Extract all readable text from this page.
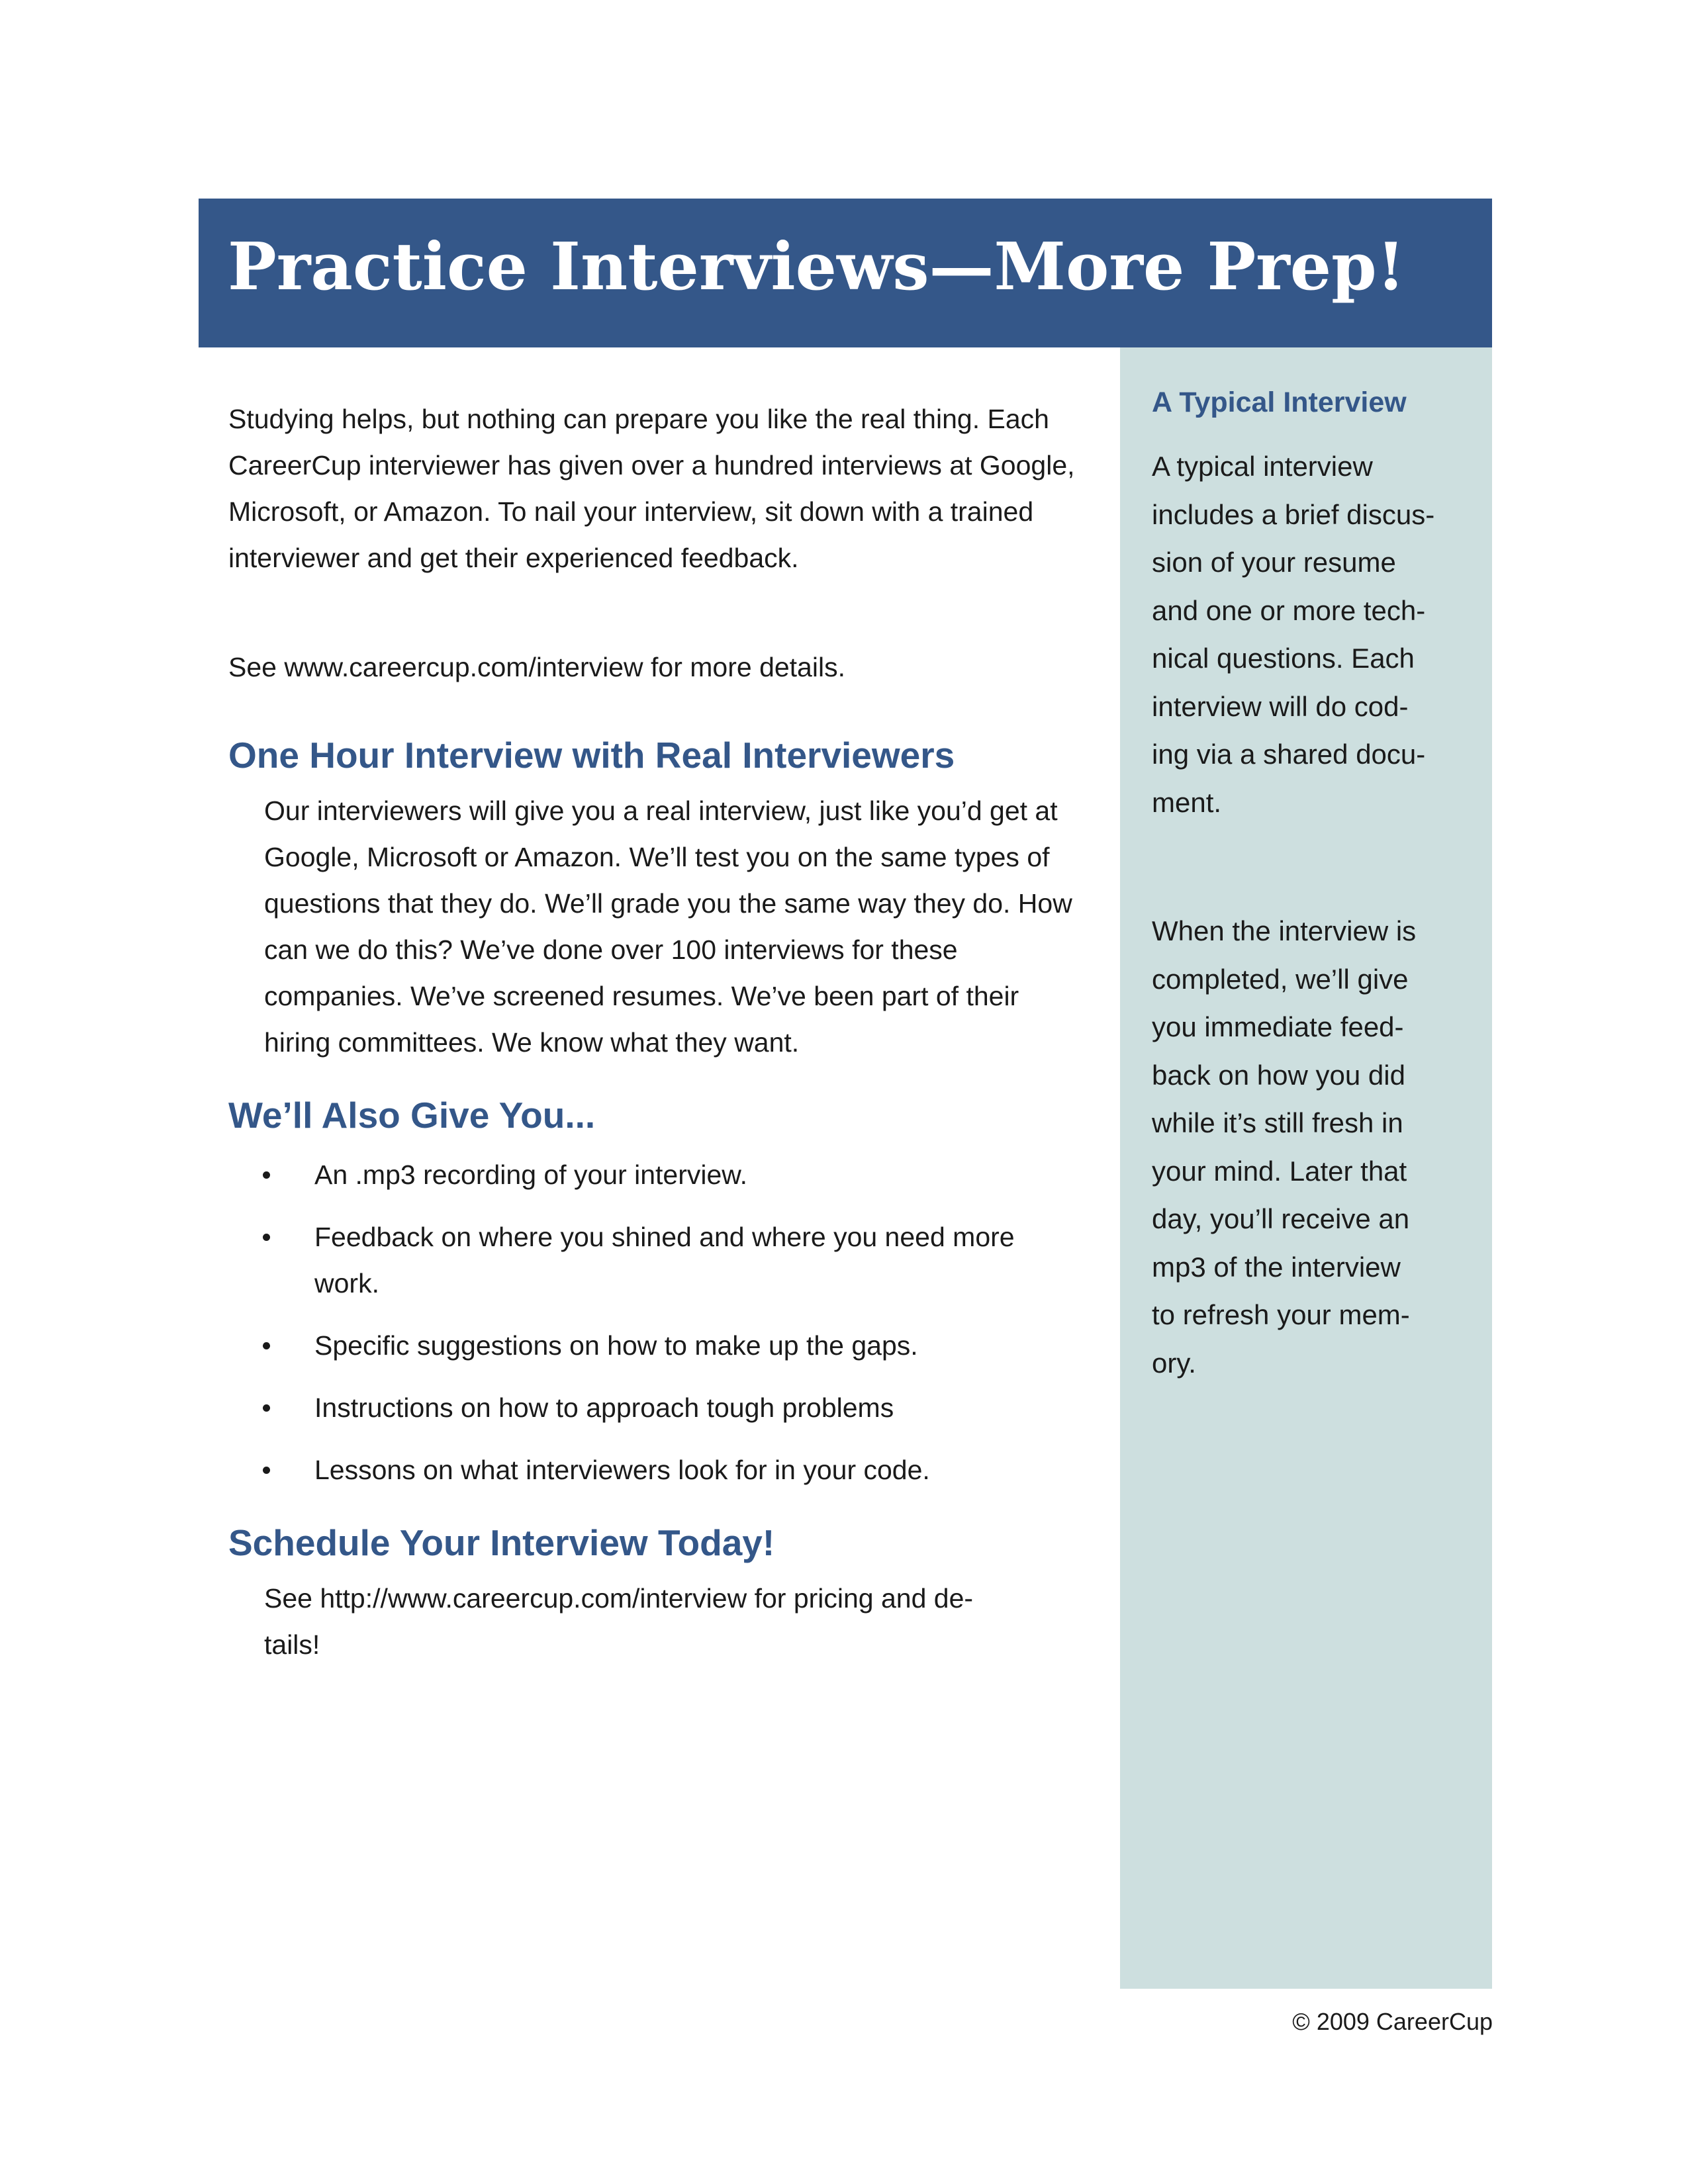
Practice Interviews—More Prep!

Studying helps, but nothing can prepare you like the real thing. Each CareerCup interviewer has given over a hundred interviews at Google, Microsoft, or Amazon. To nail your interview, sit down with a trained interviewer and get their experienced feedback.

See www.careercup.com/interview for more details.

One Hour Interview with Real Interviewers

Our interviewers will give you a real interview, just like you’d get at Google, Microsoft or Amazon. We’ll test you on the same types of questions that they do. We’ll grade you the same way they do. How can we do this? We’ve done over 100 interviews for these companies. We’ve screened resumes. We’ve been part of their hiring committees. We know what they want.

We’ll Also Give You...
An .mp3 recording of your interview.
Feedback on where you shined and where you need more work.
Specific suggestions on how to make up the gaps.
Instructions on how to approach tough problems
Lessons on what interviewers look for in your code.
Schedule Your Interview Today!

See http://www.careercup.com/interview for pricing and de-
tails!

A Typical Interview

A typical interview
includes a brief discus-
sion of your resume
and one or more tech-
nical questions. Each
interview will do cod-
ing via a shared docu-
ment.

When the interview is
completed, we’ll give
you immediate feed-
back on how you did
while it’s still fresh in
your mind. Later that
day, you’ll receive an
mp3 of the interview
to refresh your mem-
ory.

© 2009 CareerCup
